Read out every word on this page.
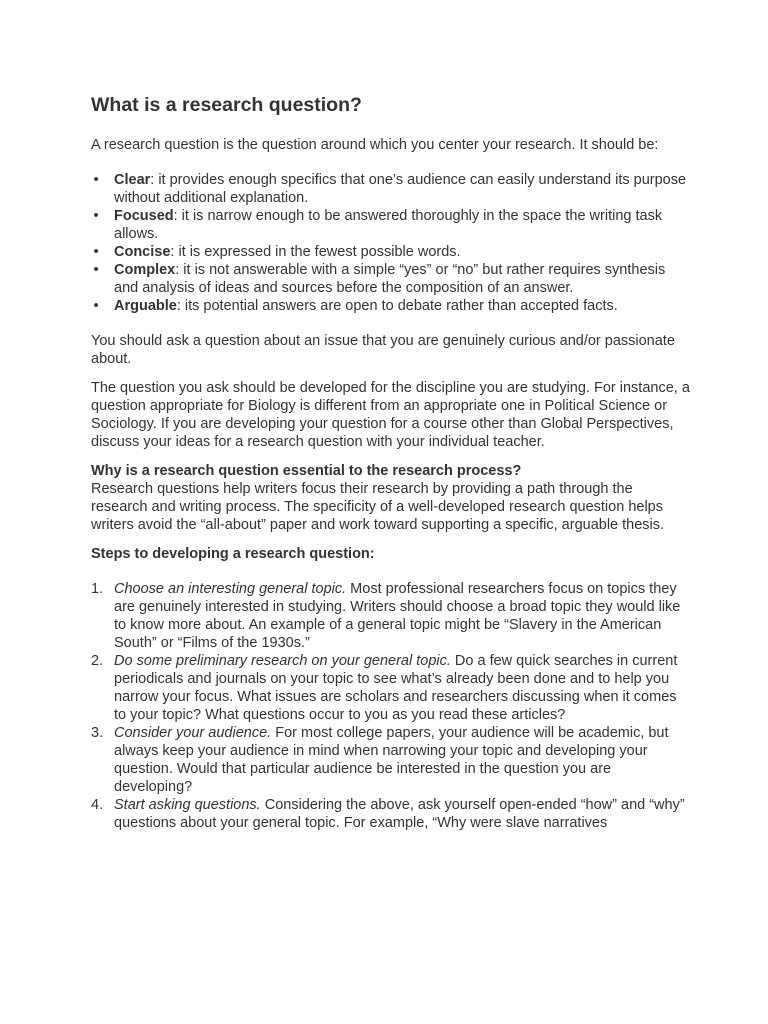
What is a research question?

A research question is the question around which you center your research. It should be:

• Clear: it provides enough specifics that one’s audience can easily understand its purpose without additional explanation.
• Focused: it is narrow enough to be answered thoroughly in the space the writing task allows.
• Concise: it is expressed in the fewest possible words.
• Complex: it is not answerable with a simple “yes” or “no” but rather requires synthesis and analysis of ideas and sources before the composition of an answer.
• Arguable: its potential answers are open to debate rather than accepted facts.

You should ask a question about an issue that you are genuinely curious and/or passionate about.

The question you ask should be developed for the discipline you are studying. For instance, a question appropriate for Biology is different from an appropriate one in Political Science or Sociology. If you are developing your question for a course other than Global Perspectives, discuss your ideas for a research question with your individual teacher.

Why is a research question essential to the research process?
Research questions help writers focus their research by providing a path through the research and writing process. The specificity of a well-developed research question helps writers avoid the “all-about” paper and work toward supporting a specific, arguable thesis.

Steps to developing a research question:

1. Choose an interesting general topic. Most professional researchers focus on topics they are genuinely interested in studying. Writers should choose a broad topic they would like to know more about. An example of a general topic might be “Slavery in the American South” or “Films of the 1930s.”
2. Do some preliminary research on your general topic. Do a few quick searches in current periodicals and journals on your topic to see what’s already been done and to help you narrow your focus. What issues are scholars and researchers discussing when it comes to your topic? What questions occur to you as you read these articles?
3. Consider your audience. For most college papers, your audience will be academic, but always keep your audience in mind when narrowing your topic and developing your question. Would that particular audience be interested in the question you are developing?
4. Start asking questions. Considering the above, ask yourself open-ended “how” and “why” questions about your general topic. For example, “Why were slave narratives
